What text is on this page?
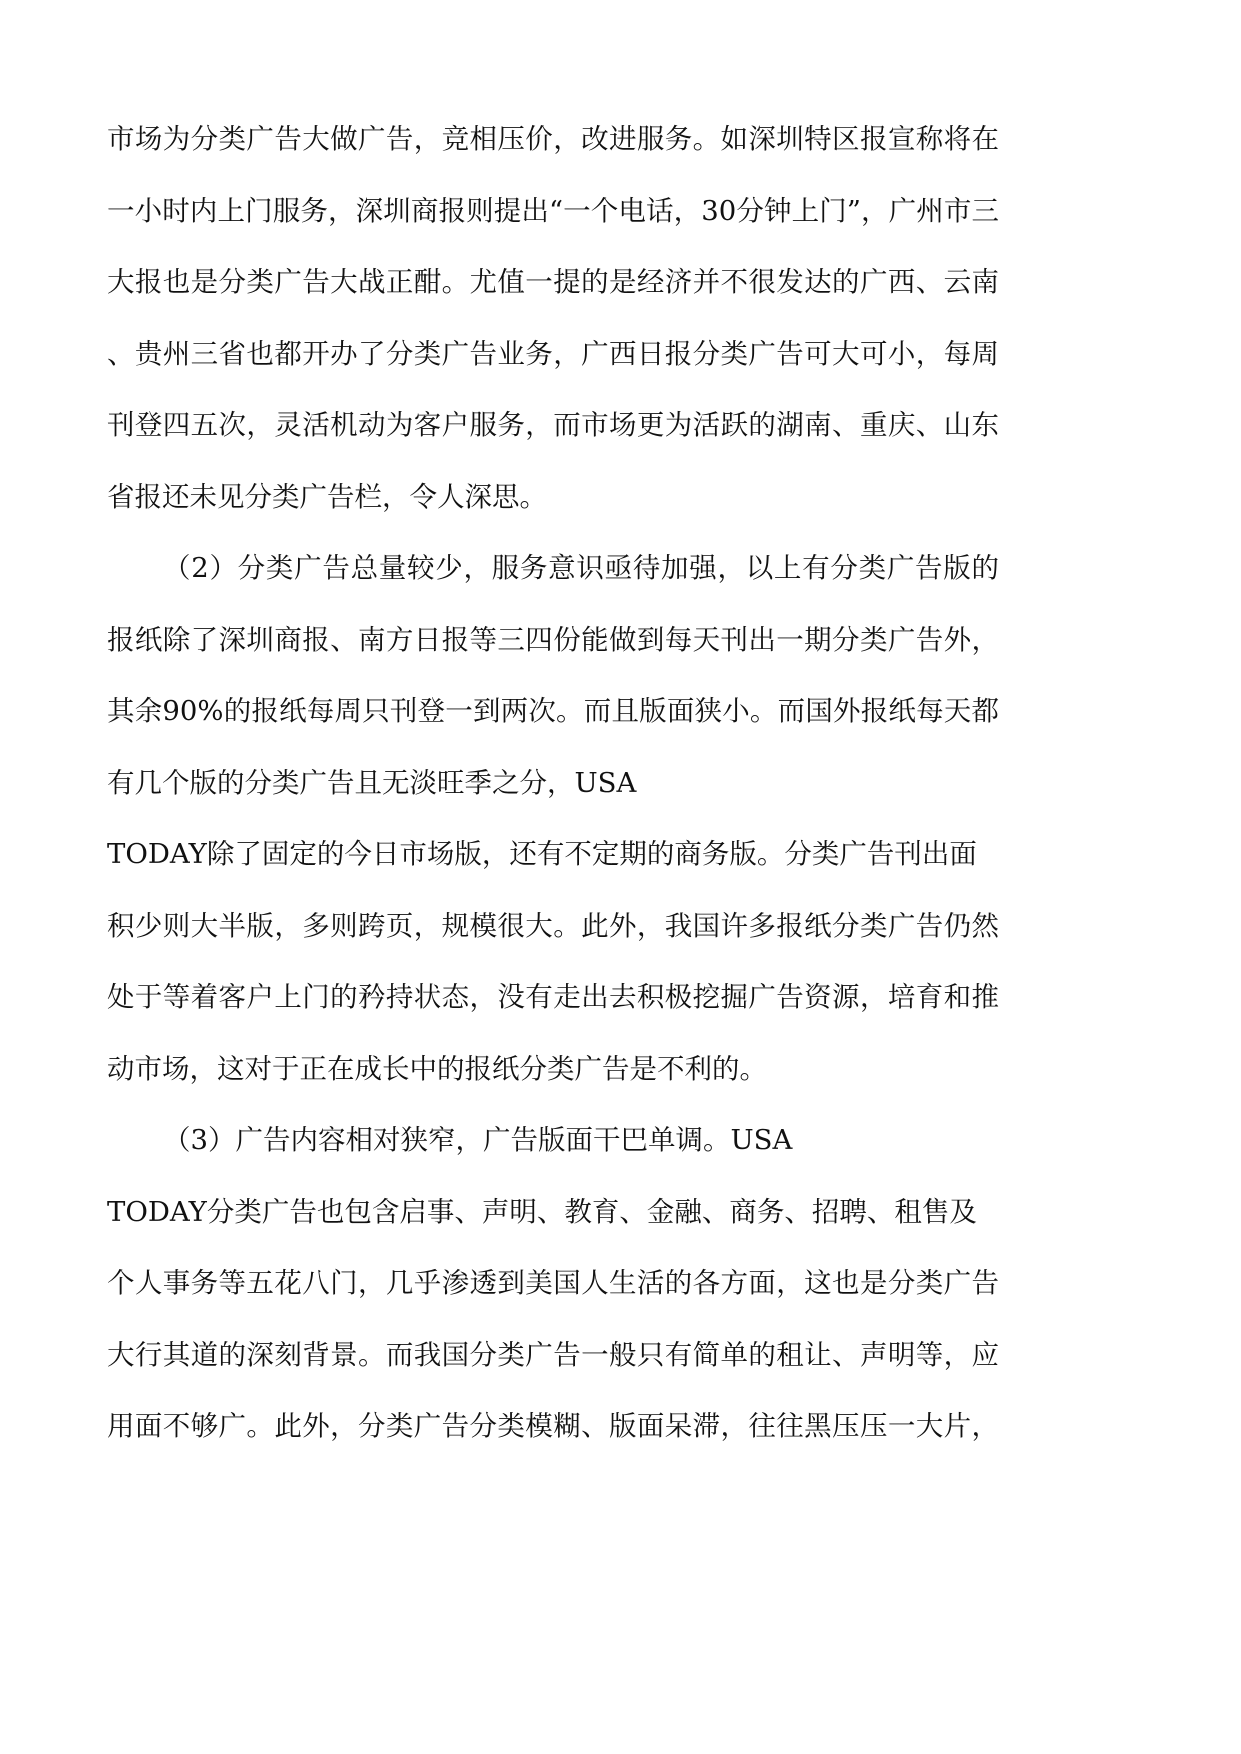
市场为分类广告大做广告，竞相压价，改进服务。如深圳特区报宣称将在
一小时内上门服务，深圳商报则提出“一个电话，30分钟上门”，广州市三
大报也是分类广告大战正酣。尤值一提的是经济并不很发达的广西、云南
、贵州三省也都开办了分类广告业务，广西日报分类广告可大可小，每周
刊登四五次，灵活机动为客户服务，而市场更为活跃的湖南、重庆、山东
省报还未见分类广告栏，令人深思。
（2）分类广告总量较少，服务意识亟待加强，以上有分类广告版的
报纸除了深圳商报、南方日报等三四份能做到每天刊出一期分类广告外，
其余90%的报纸每周只刊登一到两次。而且版面狭小。而国外报纸每天都
有几个版的分类广告且无淡旺季之分，USA
TODAY除了固定的今日市场版，还有不定期的商务版。分类广告刊出面
积少则大半版，多则跨页，规模很大。此外，我国许多报纸分类广告仍然
处于等着客户上门的矜持状态，没有走出去积极挖掘广告资源，培育和推
动市场，这对于正在成长中的报纸分类广告是不利的。
（3）广告内容相对狭窄，广告版面干巴单调。USA
TODAY分类广告也包含启事、声明、教育、金融、商务、招聘、租售及
个人事务等五花八门，几乎渗透到美国人生活的各方面，这也是分类广告
大行其道的深刻背景。而我国分类广告一般只有简单的租让、声明等，应
用面不够广。此外，分类广告分类模糊、版面呆滞，往往黑压压一大片，
